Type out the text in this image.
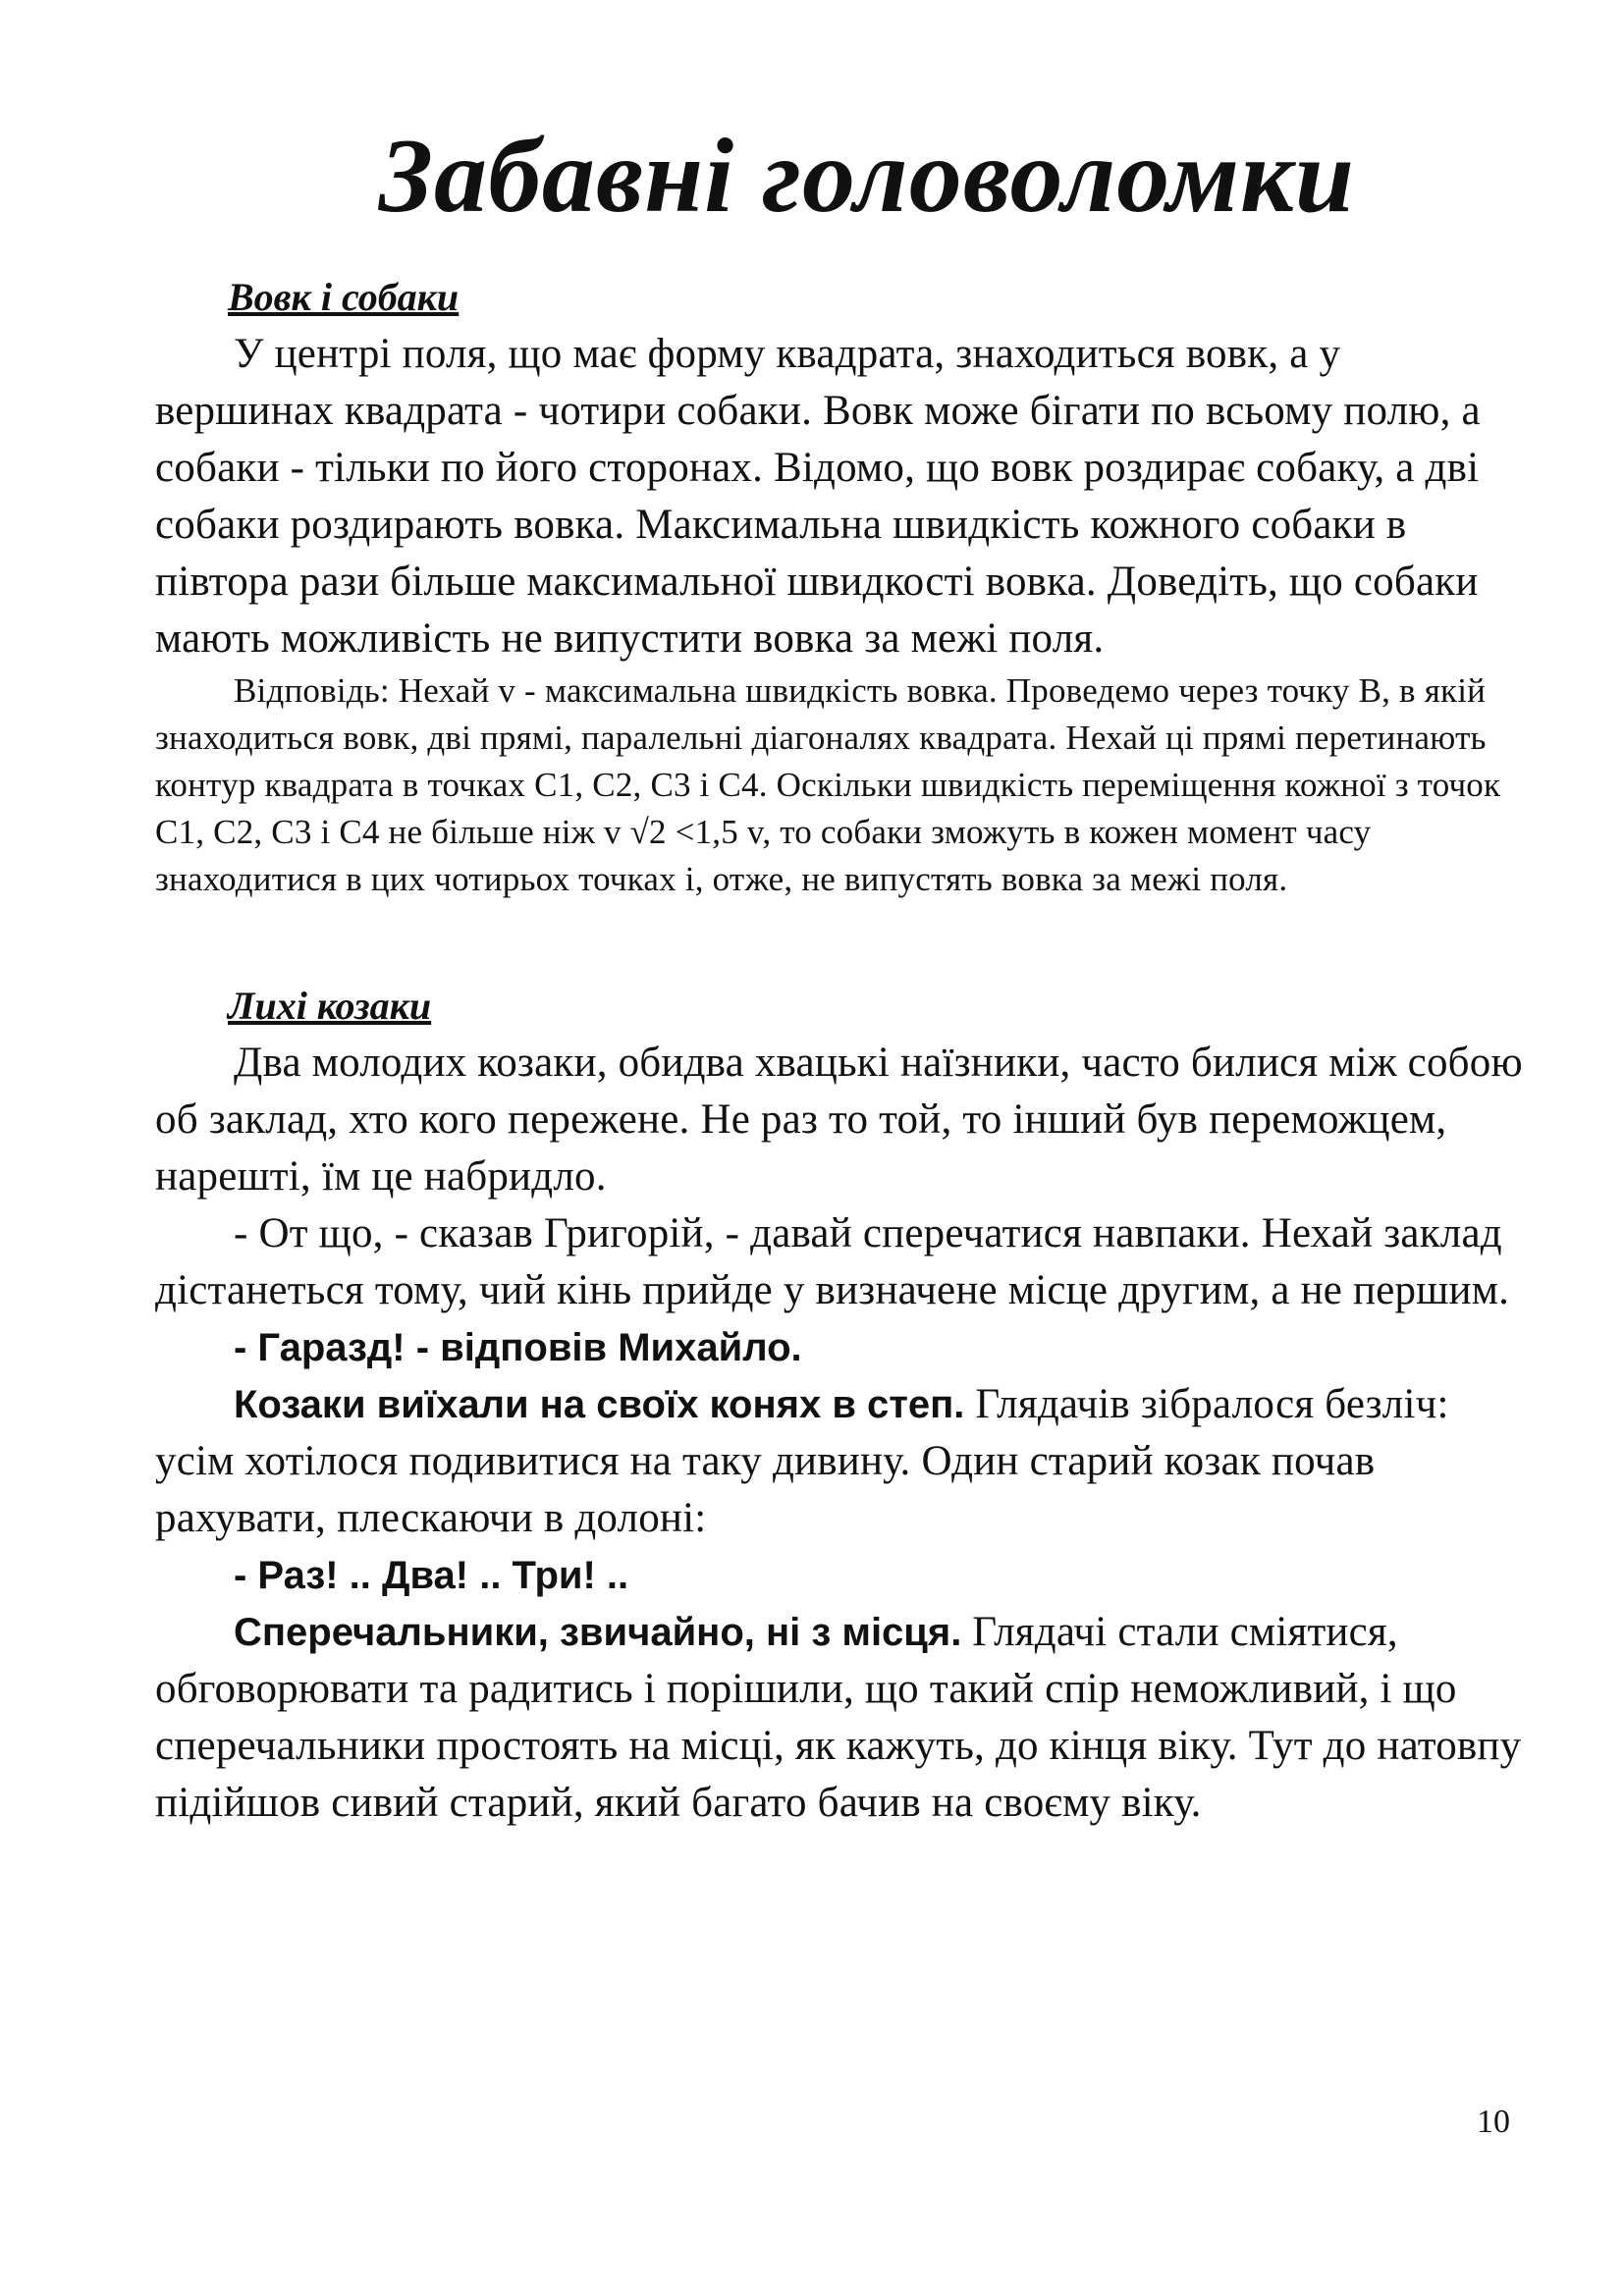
Забавні головоломки
Вовк і собаки

У центрі поля, що має форму квадрата, знаходиться вовк, а у вершинах квадрата - чотири собаки. Вовк може бігати по всьому полю, а собаки - тільки по його сторонах. Відомо, що вовк роздирає собаку, а дві собаки роздирають вовка. Максимальна швидкість кожного собаки в півтора рази більше максимальної швидкості вовка. Доведіть, що собаки мають можливість не випустити вовка за межі поля.

Відповідь: Нехай v - максимальна швидкість вовка. Проведемо через точку B, в якій знаходиться вовк, дві прямі, паралельні діагоналях квадрата. Нехай ці прямі перетинають контур квадрата в точках C1, C2, C3 і C4. Оскільки швидкість переміщення кожної з точок C1, C2, C3 і C4 не більше ніж v √2 <1,5 v, то собаки зможуть в кожен момент часу знаходитися в цих чотирьох точках і, отже, не випустять вовка за межі поля.

Лихі козаки

Два молодих козаки, обидва хвацькі наїзники, часто билися між собою об заклад, хто кого пережене. Не раз то той, то інший був переможцем, нарешті, їм це набридло.

- От що, - сказав Григорій, - давай сперечатися навпаки. Нехай заклад дістанеться тому, чий кінь прийде у визначене місце другим, а не першим.

- Гаразд! - відповів Михайло.

Козаки виїхали на своїх конях в степ. Глядачів зібралося безліч: усім хотілося подивитися на таку дивину. Один старий козак почав рахувати, плескаючи в долоні:

- Раз! .. Два! .. Три! ..

Сперечальники, звичайно, ні з місця. Глядачі стали сміятися, обговорювати та радитись і порішили, що такий спір неможливий, і що сперечальники простоять на місці, як кажуть, до кінця віку. Тут до натовпу підійшов сивий старий, який багато бачив на своєму віку.

10
